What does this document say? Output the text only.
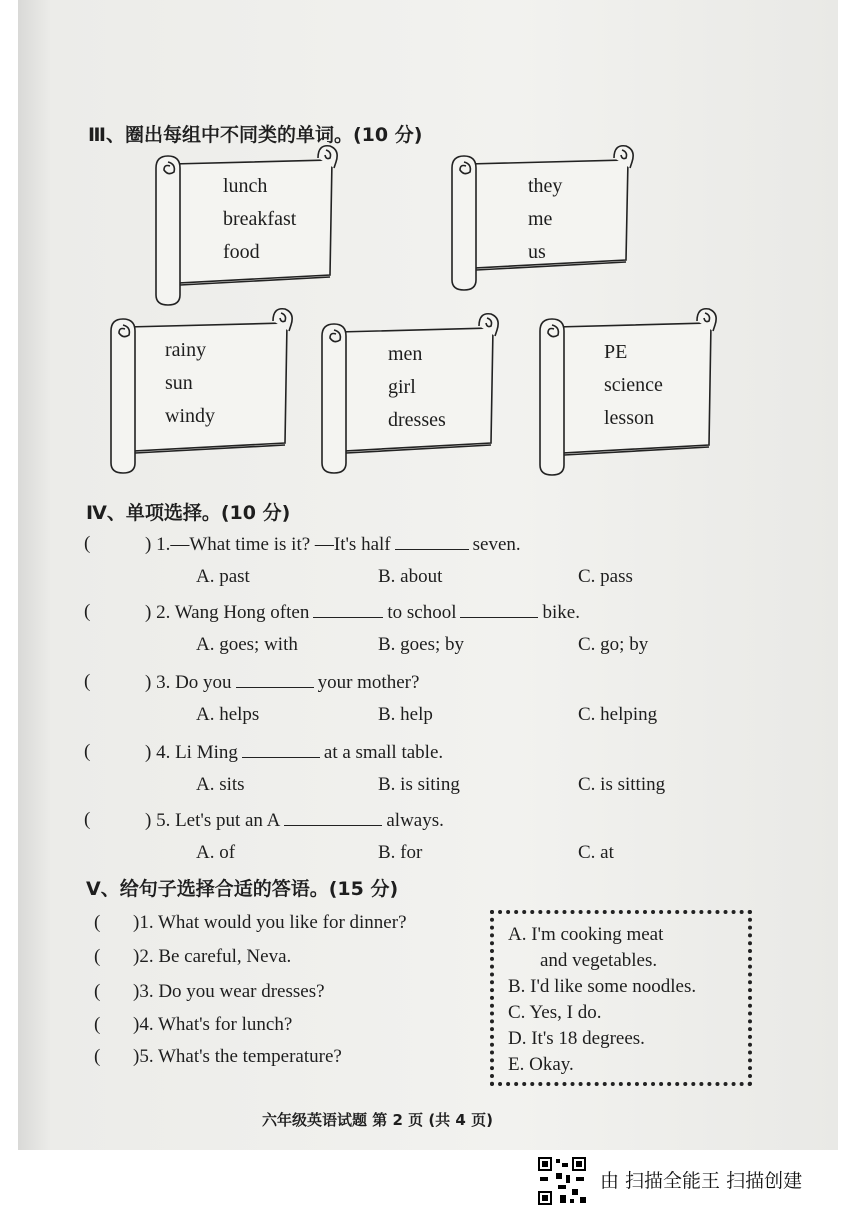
Ⅲ、圈出每组中不同类的单词。(10 分)
lunch
breakfast
food
they
me
us
rainy
sun
windy
men
girl
dresses
PE
science
lesson
Ⅳ、单项选择。(10 分)
(	) 1.—What time is it? —It's half	seven.
A. past	B. about	C. pass
(	) 2. Wang Hong often	to school	bike.
A. goes; with	B. goes; by	C. go; by
(	) 3. Do you	your mother?
A. helps	B. help	C. helping
(	) 4. Li Ming	at a small table.
A. sits	B. is siting	C. is sitting
(	) 5. Let's put an A	always.
A. of	B. for	C. at
Ⅴ、给句子选择合适的答语。(15 分)
( )1. What would you like for dinner?
( )2. Be careful, Neva.
( )3. Do you wear dresses?
( )4. What's for lunch?
( )5. What's the temperature?
A. I'm cooking meat
and vegetables.
B. I'd like some noodles.
C. Yes, I do.
D. It's 18 degrees.
E. Okay.
六年级英语试题 第 2 页 (共 4 页)
由 扫描全能王 扫描创建
